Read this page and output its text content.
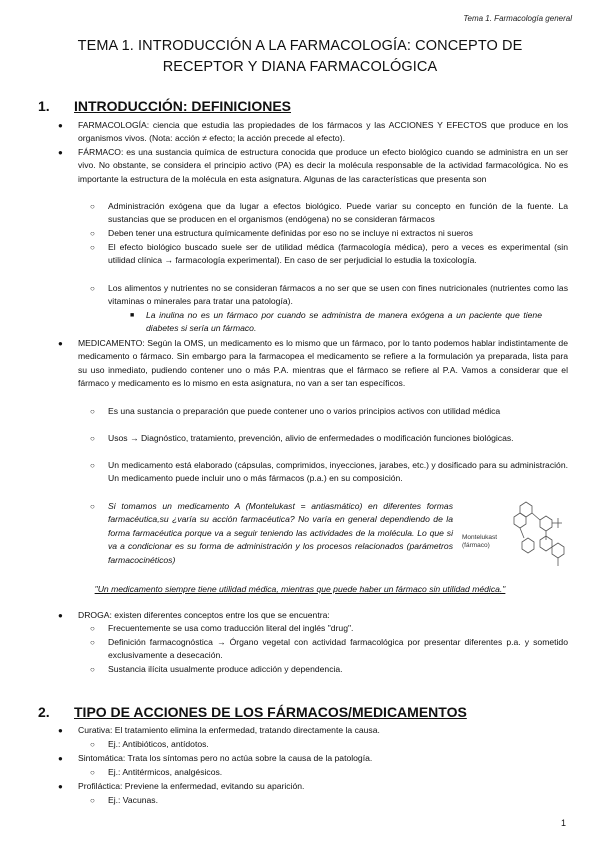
Tema 1. Farmacología general
TEMA 1. INTRODUCCIÓN A LA FARMACOLOGÍA: CONCEPTO DE
RECEPTOR Y DIANA FARMACOLÓGICA
1. INTRODUCCIÓN: DEFINICIONES
● FARMACOLOGÍA: ciencia que estudia las propiedades de los fármacos y las ACCIONES Y EFECTOS que produce en los organismos vivos. (Nota: acción ≠ efecto; la acción precede al efecto).
● FÁRMACO: es una sustancia química de estructura conocida que produce un efecto biológico cuando se administra en un ser vivo. No obstante, se considera el principio activo (PA) es decir la molécula responsable de la actividad farmacológica. No es importante la estructura de la molécula en esta asignatura. Algunas de las características que presenta son
○ Administración exógena que da lugar a efectos biológico. Puede variar su concepto en función de la fuente. La sustancias que se producen en el organismos (endógena) no se consideran fármacos
○ Deben tener una estructura químicamente definidas por eso no se incluye ni extractos ni sueros
○ El efecto biológico buscado suele ser de utilidad médica (farmacología médica), pero a veces es experimental (sin utilidad clínica → farmacología experimental). En caso de ser perjudicial lo estudia la toxicología.
○ Los alimentos y nutrientes no se consideran fármacos a no ser que se usen con fines nutricionales (nutrientes como las vitaminas o minerales para tratar una patología).
■ La inulina no es un fármaco por cuando se administra de manera exógena a un paciente que tiene diabetes si sería un fármaco.
● MEDICAMENTO: Según la OMS, un medicamento es lo mismo que un fármaco, por lo tanto podemos hablar indistintamente de medicamento o fármaco. Sin embargo para la farmacopea el medicamento se refiere a la formulación ya preparada, lista para su uso inmediato, pudiendo contener uno o más P.A. mientras que el fármaco se refiere al P.A. Vamos a considerar que el fármaco y medicamento es lo mismo en esta asignatura, no van a ser tan específicos.
○ Es una sustancia o preparación que puede contener uno o varios principios activos con utilidad médica
○ Usos → Diagnóstico, tratamiento, prevención, alivio de enfermedades o modificación funciones biológicas.
○ Un medicamento está elaborado (cápsulas, comprimidos, inyecciones, jarabes, etc.) y dosificado para su administración. Un medicamento puede incluir uno o más fármacos (p.a.) en su composición.
○ Si tomamos un medicamento A (Montelukast = antiasmático) en diferentes formas farmacéutica,su ¿varía su acción farmacéutica? No varía en general dependiendo de la forma farmacéutica porque va a seguir teniendo las actividades de la molécula. Lo que si va a condicionar es su forma de administración y los procesos relacionados (parámetros farmacocinéticos)
Montelukast (fármaco)
"Un medicamento siempre tiene utilidad médica, mientras que puede haber un fármaco sin utilidad médica."
● DROGA: existen diferentes conceptos entre los que se encuentra:
○ Frecuentemente se usa como traducción literal del inglés "drug".
○ Definición farmacognóstica → Órgano vegetal con actividad farmacológica por presentar diferentes p.a. y sometido exclusivamente a desecación.
○ Sustancia ilícita usualmente produce adicción y dependencia.
2. TIPO DE ACCIONES DE LOS FÁRMACOS/MEDICAMENTOS
● Curativa: El tratamiento elimina la enfermedad, tratando directamente la causa.
○ Ej.: Antibióticos, antídotos.
● Sintomática: Trata los síntomas pero no actúa sobre la causa de la patología.
○ Ej.: Antitérmicos, analgésicos.
● Profiláctica: Previene la enfermedad, evitando su aparición.
○ Ej.: Vacunas.
1
